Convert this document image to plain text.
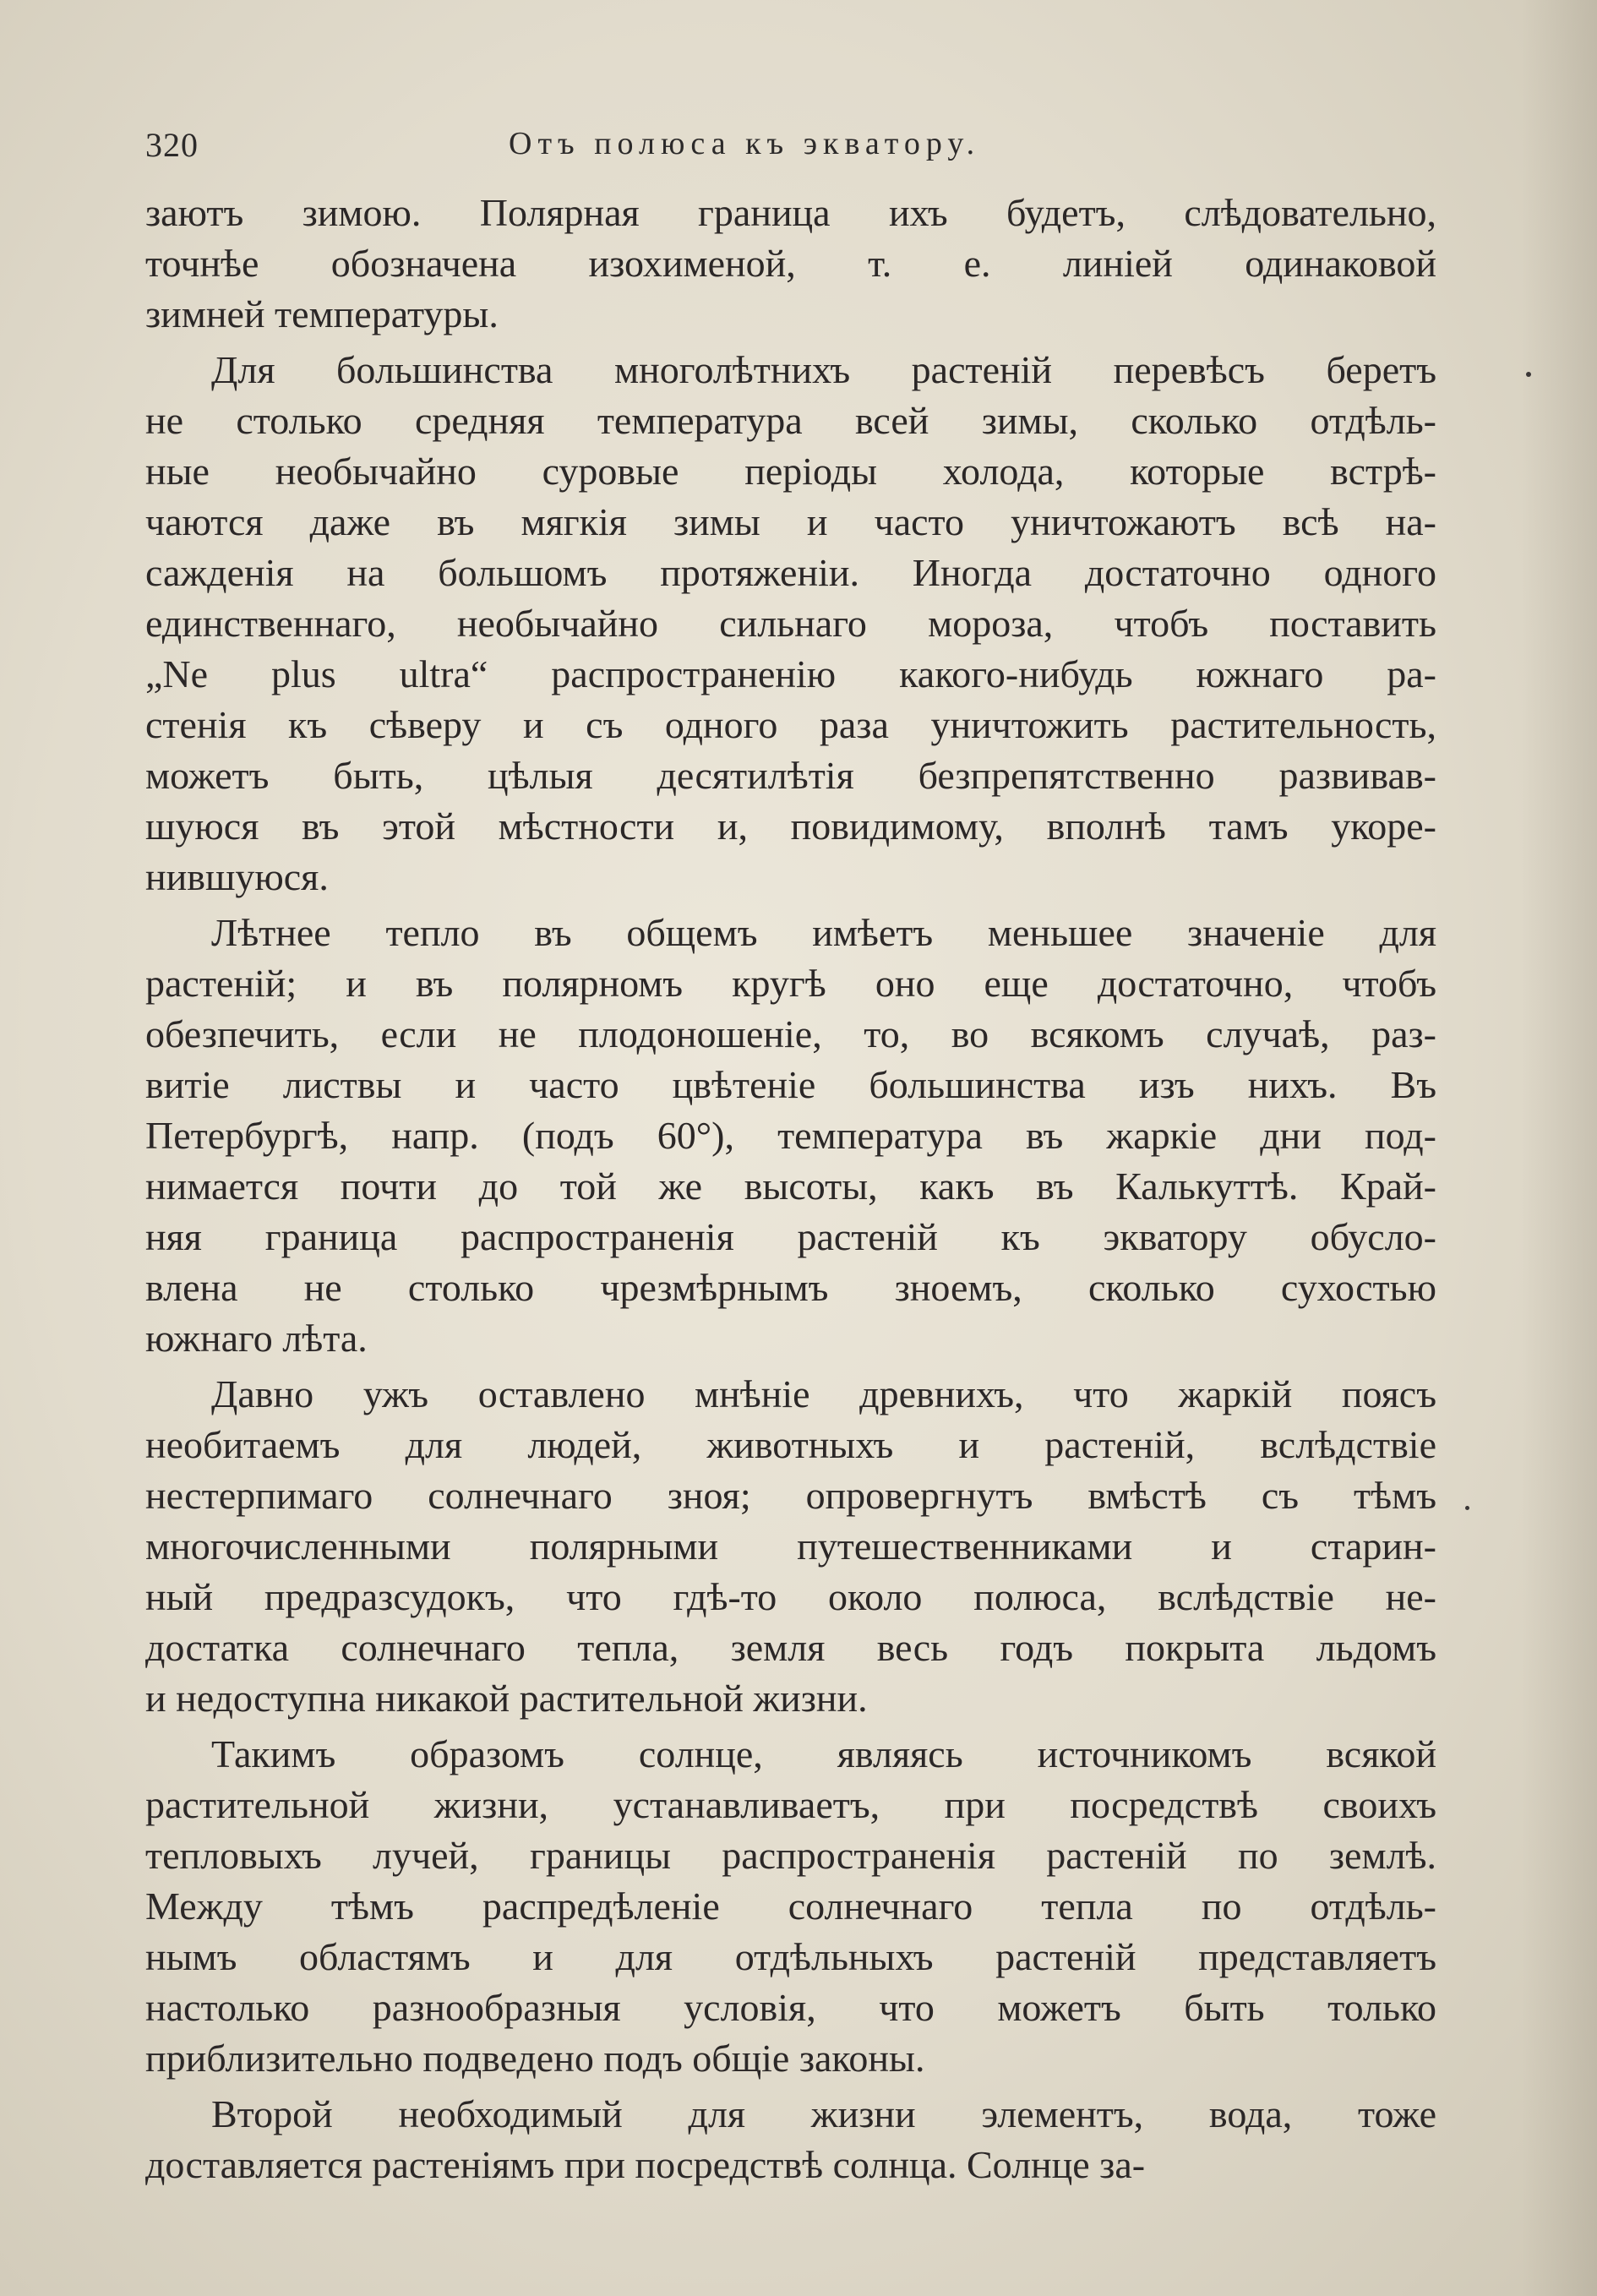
320	Отъ полюса къ экватору.
заютъ зимою. Полярная граница ихъ будетъ, слѣдовательно,
точнѣе обозначена изохименой, т. е. линіей одинаковой
зимней температуры.
Для большинства многолѣтнихъ растеній перевѣсъ беретъ
не столько средняя температура всей зимы, сколько отдѣль-
ные необычайно суровые періоды холода, которые встрѣ-
чаются даже въ мягкія зимы и часто уничтожаютъ всѣ на-
сажденія на большомъ протяженіи. Иногда достаточно одного
единственнаго, необычайно сильнаго мороза, чтобъ поставить
„Ne plus ultra“ распространенію какого-нибудь южнаго ра-
стенія къ сѣверу и съ одного раза уничтожить растительность,
можетъ быть, цѣлыя десятилѣтія безпрепятственно развивав-
шуюся въ этой мѣстности и, повидимому, вполнѣ тамъ укоре-
нившуюся.
Лѣтнее тепло въ общемъ имѣетъ меньшее значеніе для
растеній; и въ полярномъ кругѣ оно еще достаточно, чтобъ
обезпечить, если не плодоношеніе, то, во всякомъ случаѣ, раз-
витіе листвы и часто цвѣтеніе большинства изъ нихъ. Въ
Петербургѣ, напр. (подъ 60°), температура въ жаркіе дни под-
нимается почти до той же высоты, какъ въ Калькуттѣ. Край-
няя граница распространенія растеній къ экватору обусло-
влена не столько чрезмѣрнымъ зноемъ, сколько сухостью
южнаго лѣта.
Давно ужъ оставлено мнѣніе древнихъ, что жаркій поясъ
необитаемъ для людей, животныхъ и растеній, вслѣдствіе
нестерпимаго солнечнаго зноя; опровергнутъ вмѣстѣ съ тѣмъ
многочисленными полярными путешественниками и старин-
ный предразсудокъ, что гдѣ-то около полюса, вслѣдствіе не-
достатка солнечнаго тепла, земля весь годъ покрыта льдомъ
и недоступна никакой растительной жизни.
Такимъ образомъ солнце, являясь источникомъ всякой
растительной жизни, устанавливаетъ, при посредствѣ своихъ
тепловыхъ лучей, границы распространенія растеній по землѣ.
Между тѣмъ распредѣленіе солнечнаго тепла по отдѣль-
нымъ областямъ и для отдѣльныхъ растеній представляетъ
настолько разнообразныя условія, что можетъ быть только
приблизительно подведено подъ общіе законы.
Второй необходимый для жизни элементъ, вода, тоже
доставляется растеніямъ при посредствѣ солнца. Солнце за-
